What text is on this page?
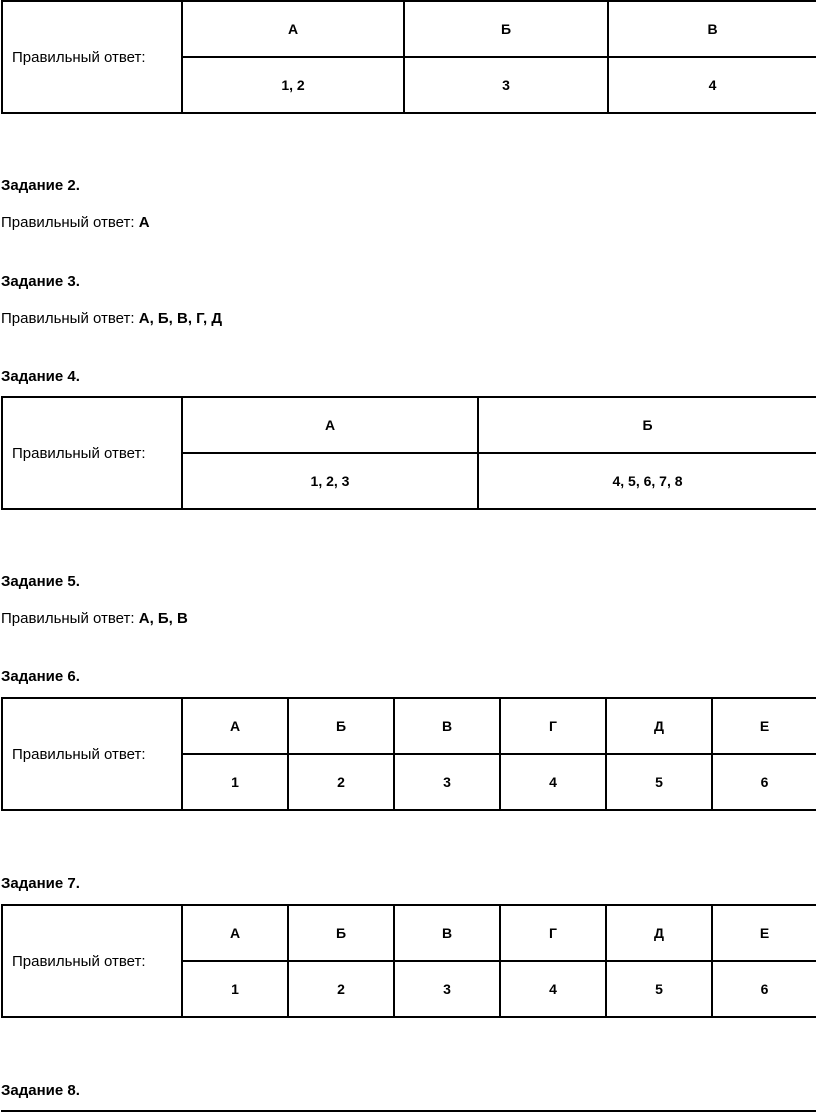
Правильный ответ:	А	Б	В
	1, 2	3	4

Задание 2.

Правильный ответ: А

Задание 3.

Правильный ответ: А, Б, В, Г, Д

Задание 4.

Правильный ответ:	А	Б
	1, 2, 3	4, 5, 6, 7, 8

Задание 5.

Правильный ответ: А, Б, В

Задание 6.

Правильный ответ:	А	Б	В	Г	Д	Е
	1	2	3	4	5	6

Задание 7.

Правильный ответ:	А	Б	В	Г	Д	Е
	1	2	3	4	5	6

Задание 8.
